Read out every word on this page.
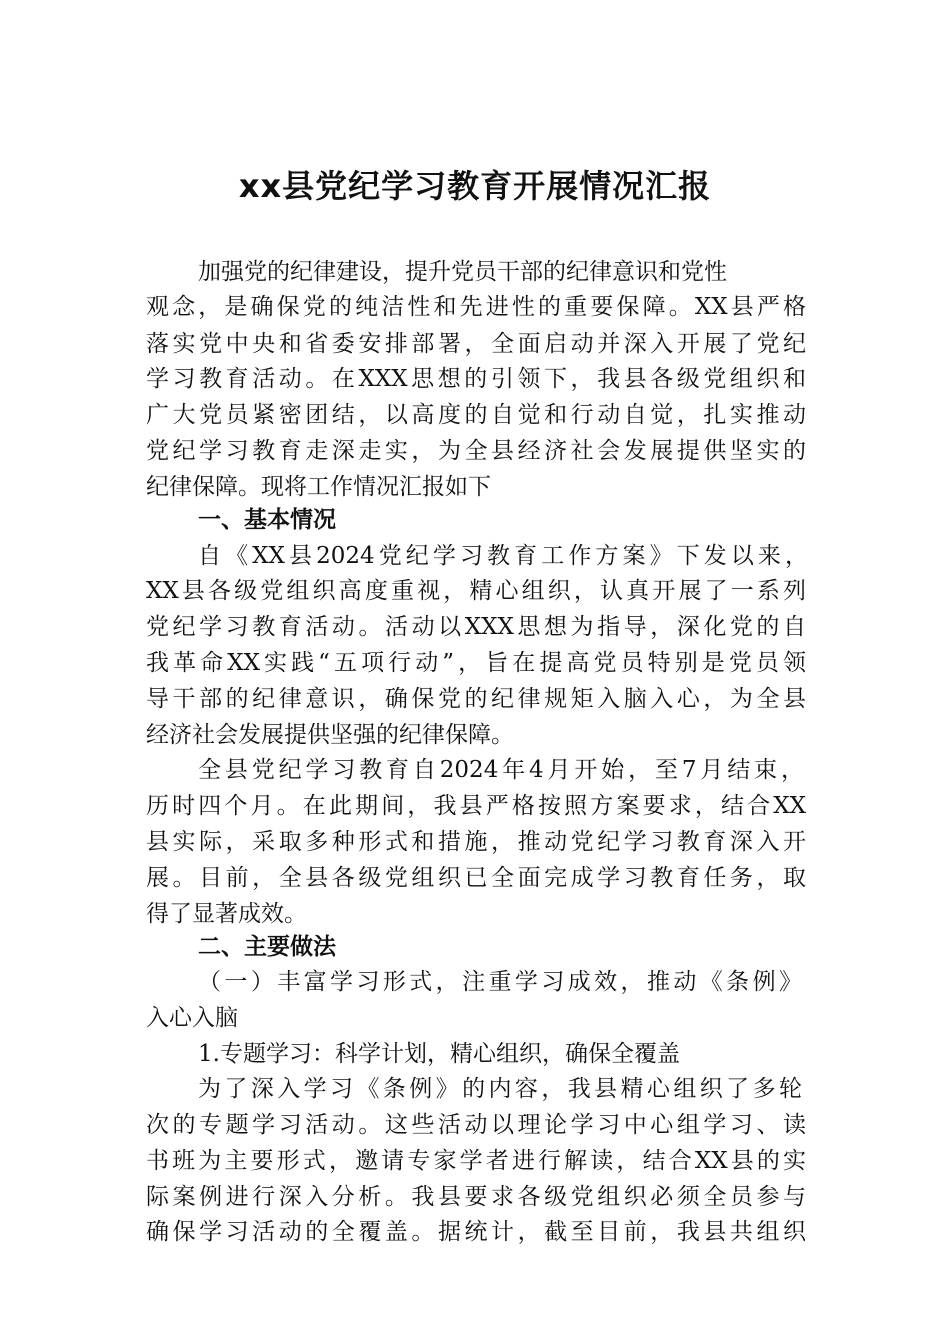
xx县党纪学习教育开展情况汇报
加强党的纪律建设，提升党员干部的纪律意识和党性
观念，是确保党的纯洁性和先进性的重要保障。XX县严格
落实党中央和省委安排部署，全面启动并深入开展了党纪
学习教育活动。在XXX思想的引领下，我县各级党组织和
广大党员紧密团结，以高度的自觉和行动自觉，扎实推动
党纪学习教育走深走实，为全县经济社会发展提供坚实的
纪律保障。现将工作情况汇报如下
一、基本情况
自《XX县2024党纪学习教育工作方案》下发以来，
XX县各级党组织高度重视，精心组织，认真开展了一系列
党纪学习教育活动。活动以XXX思想为指导，深化党的自
我革命XX实践“五项行动”，旨在提高党员特别是党员领
导干部的纪律意识，确保党的纪律规矩入脑入心，为全县
经济社会发展提供坚强的纪律保障。
全县党纪学习教育自2024年4月开始，至7月结束，
历时四个月。在此期间，我县严格按照方案要求，结合XX
县实际，采取多种形式和措施，推动党纪学习教育深入开
展。目前，全县各级党组织已全面完成学习教育任务，取
得了显著成效。
二、主要做法
（一）丰富学习形式，注重学习成效，推动《条例》
入心入脑
1.专题学习：科学计划，精心组织，确保全覆盖
为了深入学习《条例》的内容，我县精心组织了多轮
次的专题学习活动。这些活动以理论学习中心组学习、读
书班为主要形式，邀请专家学者进行解读，结合XX县的实
际案例进行深入分析。我县要求各级党组织必须全员参与
确保学习活动的全覆盖。据统计，截至目前，我县共组织
